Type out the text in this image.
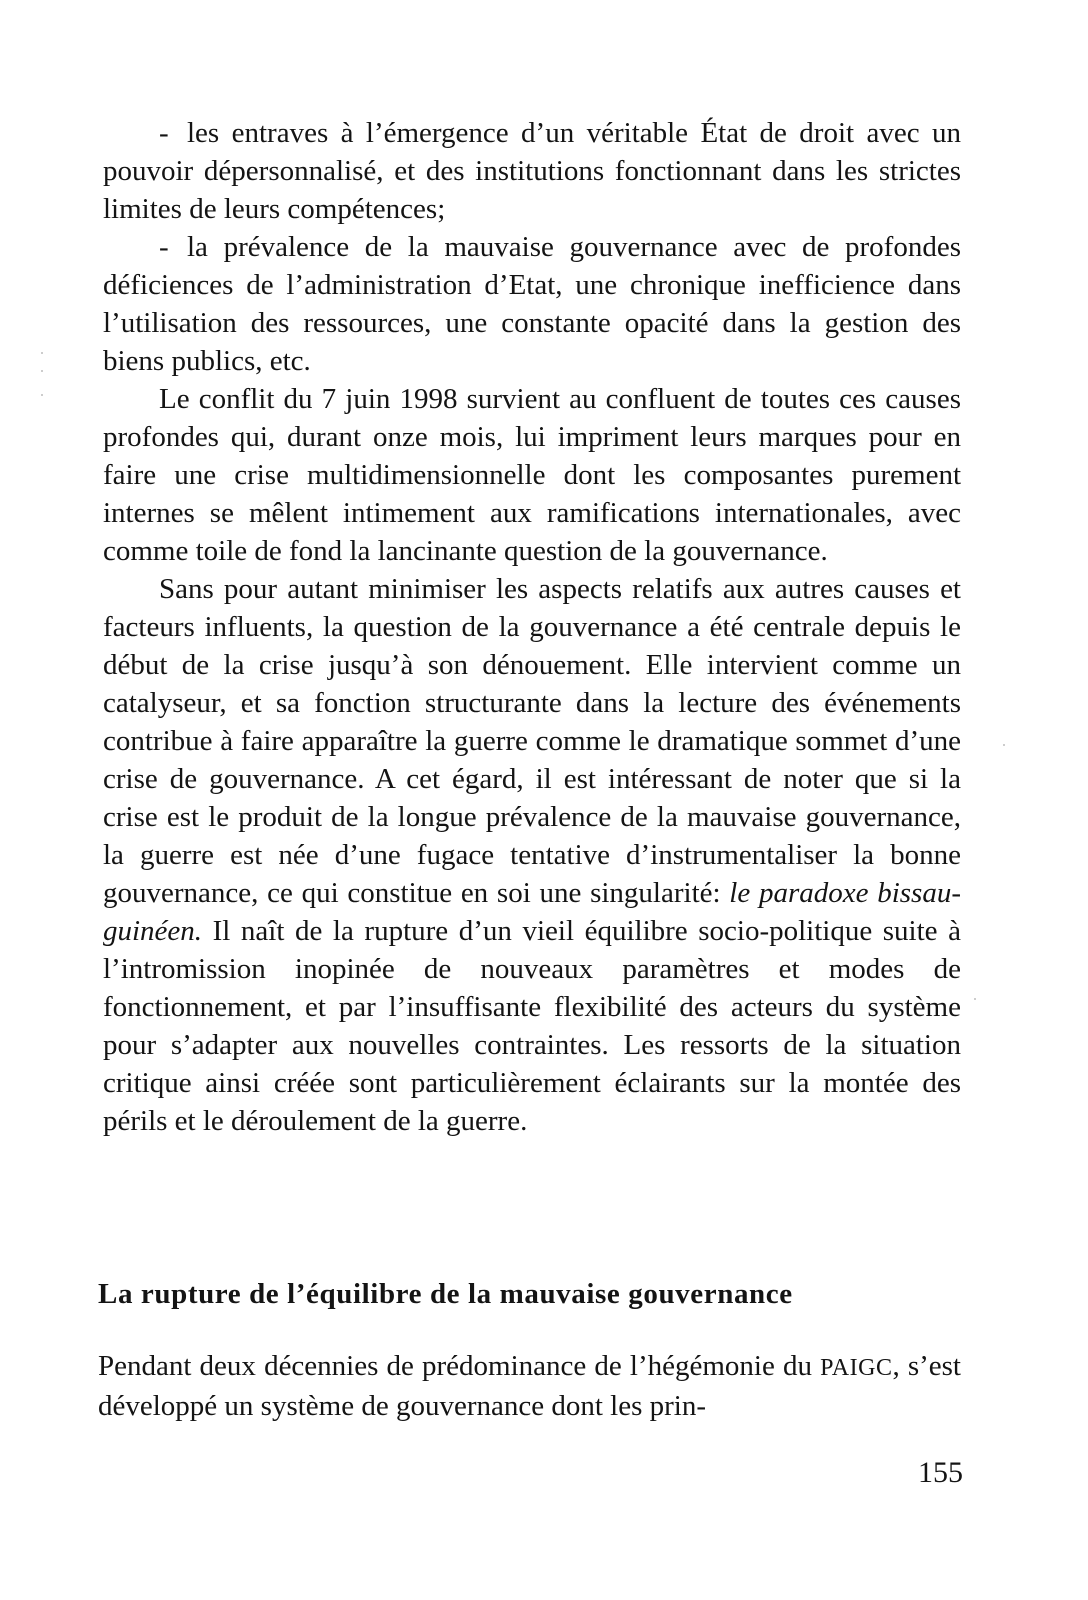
- les entraves à l’émergence d’un véritable État de droit avec un pouvoir dépersonnalisé, et des institutions fonctionnant dans les strictes limites de leurs compétences;

- la prévalence de la mauvaise gouvernance avec de profondes déficiences de l’administration d’Etat, une chronique inefficience dans l’utilisation des ressources, une constante opacité dans la gestion des biens publics, etc.

Le conflit du 7 juin 1998 survient au confluent de toutes ces causes profondes qui, durant onze mois, lui impriment leurs marques pour en faire une crise multidimensionnelle dont les composantes purement internes se mêlent intimement aux ramifications internationales, avec comme toile de fond la lancinante question de la gouvernance.

Sans pour autant minimiser les aspects relatifs aux autres causes et facteurs influents, la question de la gouvernance a été centrale depuis le début de la crise jusqu’à son dénouement. Elle intervient comme un catalyseur, et sa fonction structurante dans la lecture des événements contribue à faire apparaître la guerre comme le dramatique sommet d’une crise de gouvernance. A cet égard, il est intéressant de noter que si la crise est le produit de la longue prévalence de la mauvaise gouvernance, la guerre est née d’une fugace tentative d’instrumentaliser la bonne gouvernance, ce qui constitue en soi une singularité: le paradoxe bissau-guinéen. Il naît de la rupture d’un vieil équilibre socio-politique suite à l’intromission inopinée de nouveaux paramètres et modes de fonctionnement, et par l’insuffisante flexibilité des acteurs du système pour s’adapter aux nouvelles contraintes. Les ressorts de la situation critique ainsi créée sont particulièrement éclairants sur la montée des périls et le déroulement de la guerre.

La rupture de l’équilibre de la mauvaise gouvernance

Pendant deux décennies de prédominance de l’hégémonie du PAIGC, s’est développé un système de gouvernance dont les prin-

155
